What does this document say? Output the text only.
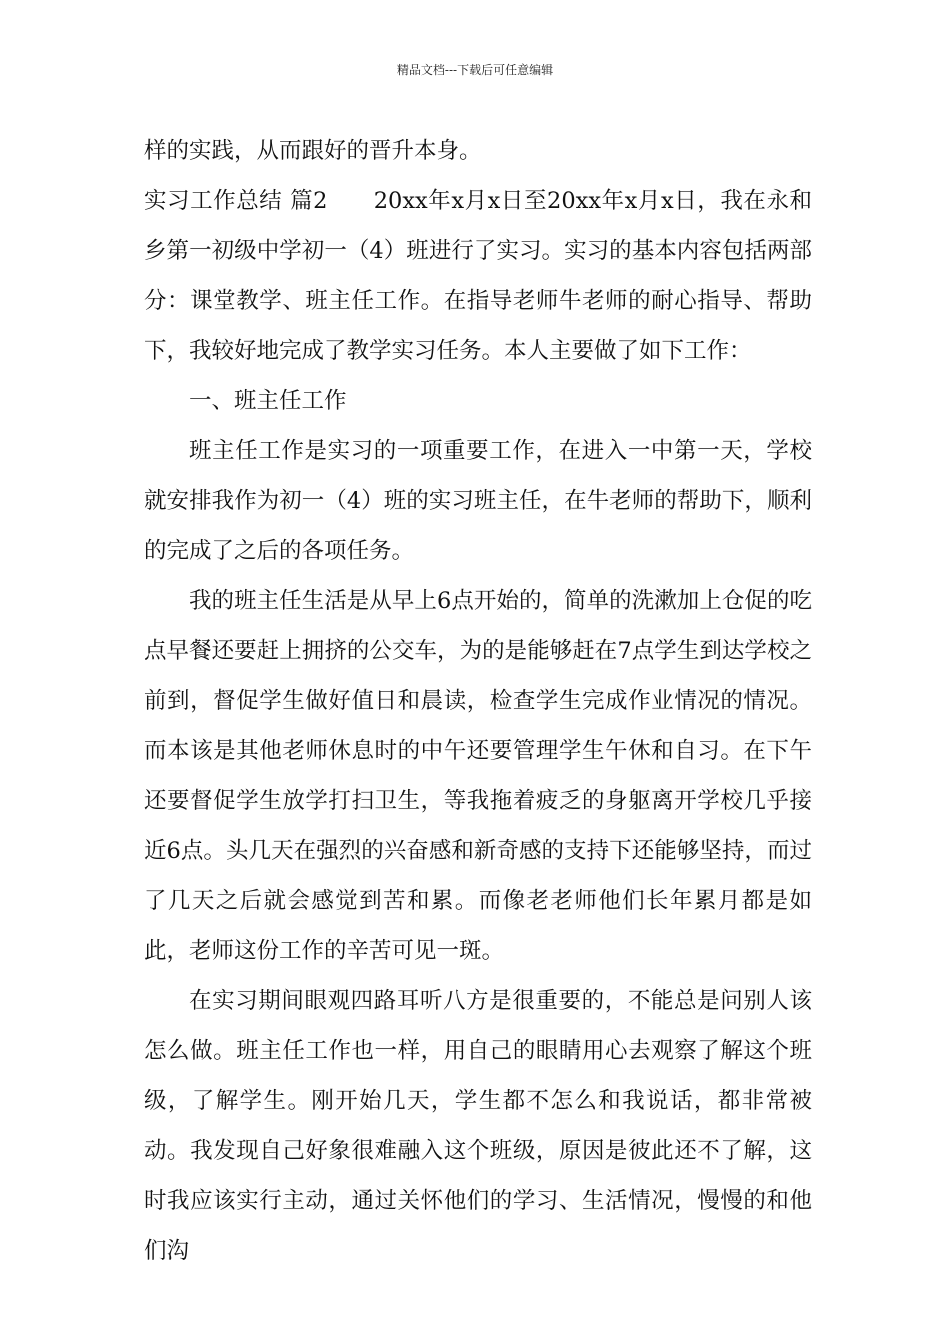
精品文档---下载后可任意编辑

样的实践，从而跟好的晋升本身。

实习工作总结 篇2 20xx年x月x日至20xx年x月x日，我在永和乡第一初级中学初一（4）班进行了实习。实习的基本内容包括两部分：课堂教学、班主任工作。在指导老师牛老师的耐心指导、帮助下，我较好地完成了教学实习任务。本人主要做了如下工作：

一、班主任工作

班主任工作是实习的一项重要工作，在进入一中第一天，学校就安排我作为初一（4）班的实习班主任，在牛老师的帮助下，顺利的完成了之后的各项任务。

我的班主任生活是从早上6点开始的，简单的洗漱加上仓促的吃点早餐还要赶上拥挤的公交车，为的是能够赶在7点学生到达学校之前到，督促学生做好值日和晨读，检查学生完成作业情况的情况。而本该是其他老师休息时的中午还要管理学生午休和自习。在下午还要督促学生放学打扫卫生，等我拖着疲乏的身躯离开学校几乎接近6点。头几天在强烈的兴奋感和新奇感的支持下还能够坚持，而过了几天之后就会感觉到苦和累。而像老老师他们长年累月都是如此，老师这份工作的辛苦可见一斑。

在实习期间眼观四路耳听八方是很重要的，不能总是问别人该怎么做。班主任工作也一样，用自己的眼睛用心去观察了解这个班级，了解学生。刚开始几天，学生都不怎么和我说话，都非常被动。我发现自己好象很难融入这个班级，原因是彼此还不了解，这时我应该实行主动，通过关怀他们的学习、生活情况，慢慢的和他们沟
